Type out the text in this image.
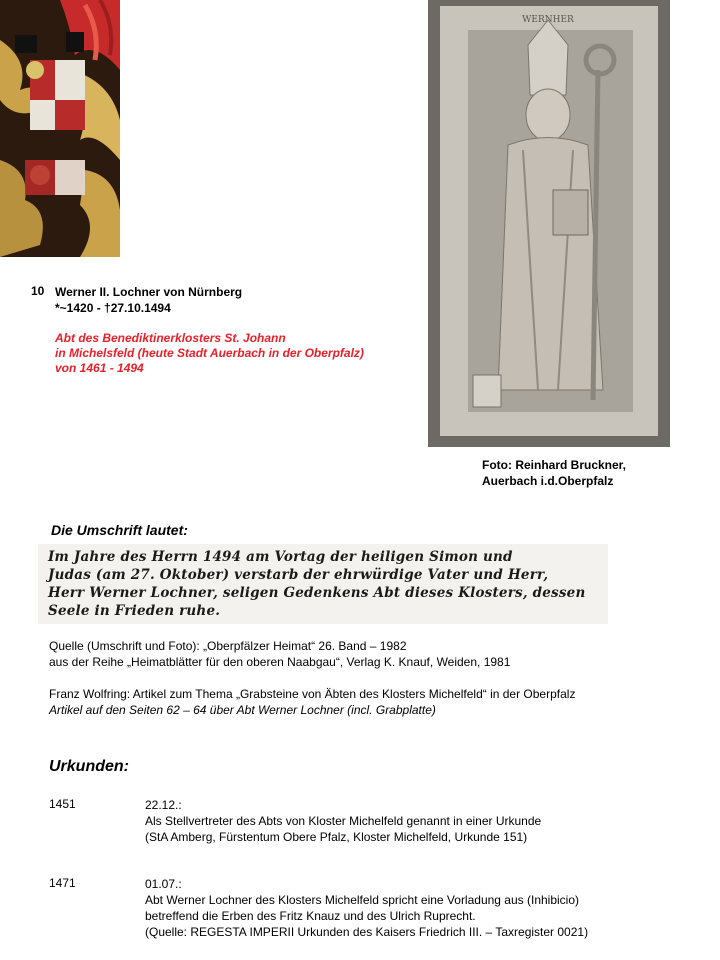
WERNHER
10 Werner II. Lochner von Nürnberg
*~1420 - †27.10.1494
Abt des Benediktinerklosters St. Johann
in Michelsfeld (heute Stadt Auerbach in der Oberpfalz)
von 1461 - 1494
Foto: Reinhard Bruckner,
Auerbach i.d.Oberpfalz
Die Umschrift lautet:

Im Jahre des Herrn 1494 am Vortag der heiligen Simon und
Judas (am 27. Oktober) verstarb der ehrwürdige Vater und Herr,
Herr Werner Lochner, seligen Gedenkens Abt dieses Klosters, dessen
Seele in Frieden ruhe.

Quelle (Umschrift und Foto): „Oberpfälzer Heimat“ 26. Band – 1982
aus der Reihe „Heimatblätter für den oberen Naabgau“, Verlag K. Knauf, Weiden, 1981
Franz Wolfring: Artikel zum Thema „Grabsteine von Äbten des Klosters Michelfeld“ in der Oberpfalz
Artikel auf den Seiten 62 – 64 über Abt Werner Lochner (incl. Grabplatte)
Urkunden:
1451	22.12.:
Als Stellvertreter des Abts von Kloster Michelfeld genannt in einer Urkunde
(StA Amberg, Fürstentum Obere Pfalz, Kloster Michelfeld, Urkunde 151)
1471	01.07.:
Abt Werner Lochner des Klosters Michelfeld spricht eine Vorladung aus (Inhibicio)
betreffend die Erben des Fritz Knauz und des Ulrich Ruprecht.
(Quelle: REGESTA IMPERII Urkunden des Kaisers Friedrich III. – Taxregister 0021)
